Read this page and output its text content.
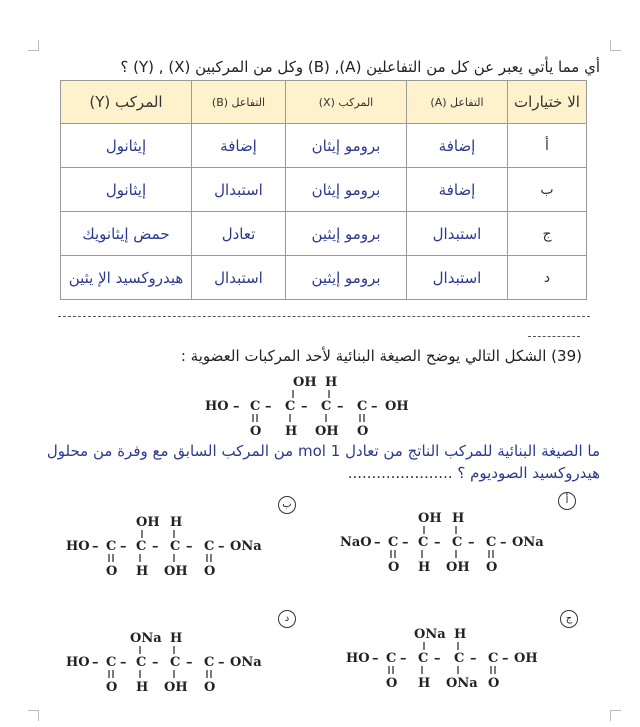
أي مما يأتي يعبر عن كل من التفاعلين (A), (B) وكل من المركبين (X) , (Y) ؟
الا ختيارات	التفاعل (A)	المركب (X)	التفاعل (B)	المركب (Y)
أ	إضافة	برومو إيثان	إضافة	إيثانول
ب	إضافة	برومو إيثان	استبدال	إيثانول
ج	استبدال	برومو إيثين	تعادل	حمض إيثانويك
د	استبدال	برومو إيثين	استبدال	هيدروكسيد الإ يثين
(39) الشكل التالي يوضح الصيغة البنائية لأحد المركبات العضوية :
OH H
HO – C – C – C – C – OH
O H OH O
ما الصيغة البنائية للمركب الناتج من تعادل 1 mol من المركب السابق مع وفرة من محلول هيدروكسيد الصوديوم ؟ ......................
أ
ب
ج
د
OH H
NaO – C – C – C – C – ONa
O H OH O
OH H
HO – C – C – C – C – ONa
O H OH O
ONa H
HO – C – C – C – C – OH
O H ONa O
ONa H
HO – C – C – C – C – ONa
O H OH O
